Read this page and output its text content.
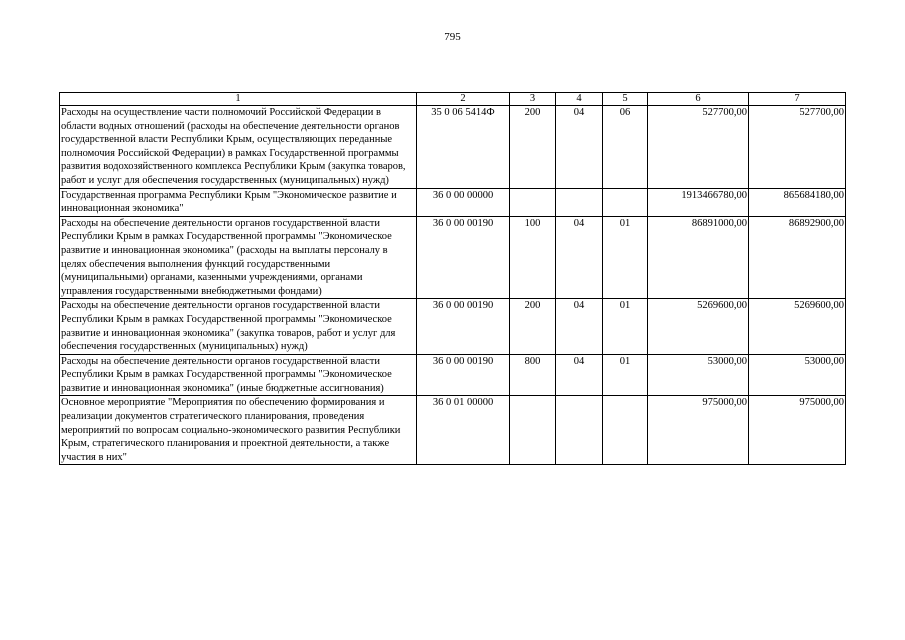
795
1	2	3	4	5	6	7
Расходы на осуществление части полномочий Российской Федерации в области водных отношений (расходы на обеспечение деятельности органов государственной власти Республики Крым, осуществляющих переданные полномочия Российской Федерации) в рамках Государственной программы развития водохозяйственного комплекса Республики Крым (закупка товаров, работ и услуг для обеспечения государственных (муниципальных) нужд)	35 0 06 5414Ф	200	04	06	527700,00	527700,00
Государственная программа Республики Крым "Экономическое развитие и инновационная экономика"	36 0 00 00000				1913466780,00	865684180,00
Расходы на обеспечение деятельности органов государственной власти Республики Крым в рамках Государственной программы "Экономическое развитие и инновационная экономика" (расходы на выплаты персоналу в целях обеспечения выполнения функций государственными (муниципальными) органами, казенными учреждениями, органами управления государственными внебюджетными фондами)	36 0 00 00190	100	04	01	86891000,00	86892900,00
Расходы на обеспечение деятельности органов государственной власти Республики Крым в рамках Государственной программы "Экономическое развитие и инновационная экономика" (закупка товаров, работ и услуг для обеспечения государственных (муниципальных) нужд)	36 0 00 00190	200	04	01	5269600,00	5269600,00
Расходы на обеспечение деятельности органов государственной власти Республики Крым в рамках Государственной программы "Экономическое развитие и инновационная экономика" (иные бюджетные ассигнования)	36 0 00 00190	800	04	01	53000,00	53000,00
Основное мероприятие "Мероприятия по обеспечению формирования и реализации документов стратегического планирования, проведения мероприятий по вопросам социально-экономического развития Республики Крым, стратегического планирования и проектной деятельности, а также участия в них"	36 0 01 00000				975000,00	975000,00
